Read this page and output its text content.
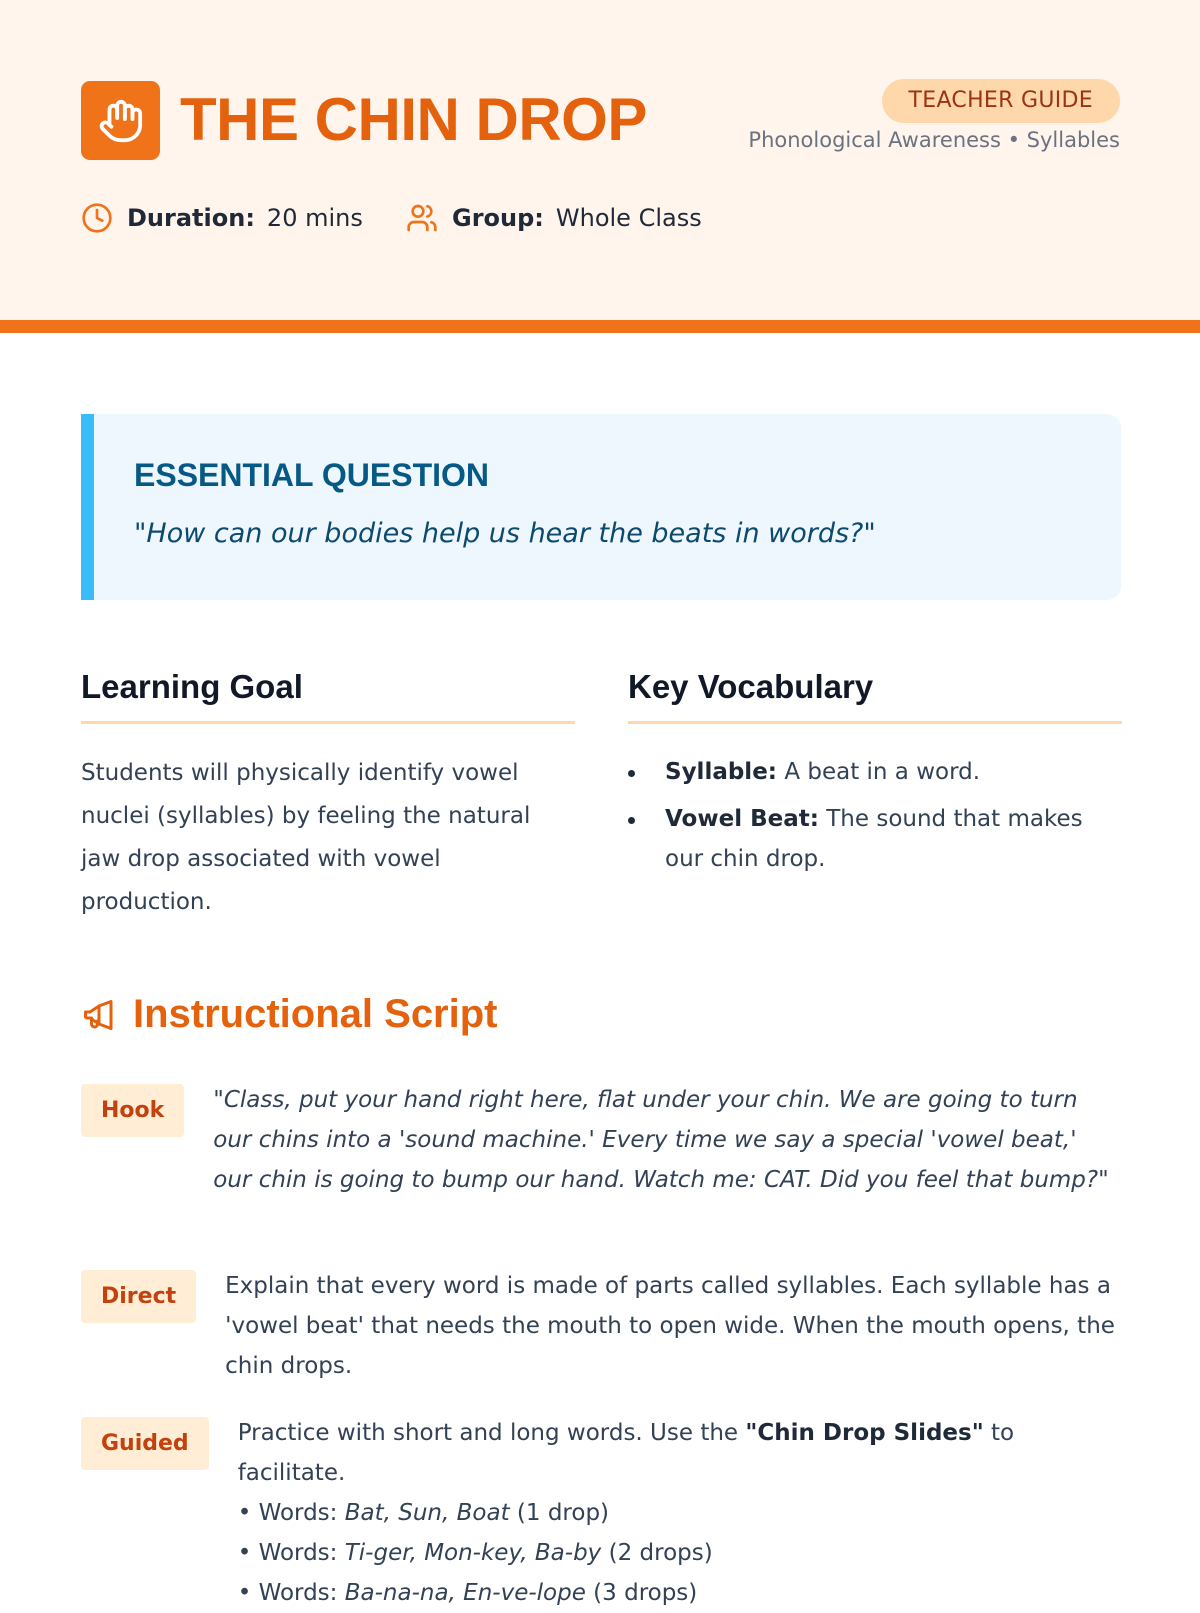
THE CHIN DROP	TEACHER GUIDE
Phonological Awareness • Syllables
Duration: 20 mins	Group: Whole Class
ESSENTIAL QUESTION

"How can our bodies help us hear the beats in words?"

Learning Goal

Students will physically identify vowel nuclei (syllables) by feeling the natural jaw drop associated with vowel production.

Key Vocabulary
Syllable: A beat in a word.
Vowel Beat: The sound that makes our chin drop.
Instructional Script
Hook	"Class, put your hand right here, flat under your chin. We are going to turn our chins into a 'sound machine.' Every time we say a special 'vowel beat,' our chin is going to bump our hand. Watch me: CAT. Did you feel that bump?"

Direct	Explain that every word is made of parts called syllables. Each syllable has a 'vowel beat' that needs the mouth to open wide. When the mouth opens, the chin drops.

Guided	Practice with short and long words. Use the "Chin Drop Slides" to facilitate.
• Words: Bat, Sun, Boat (1 drop)
• Words: Ti-ger, Mon-key, Ba-by (2 drops)
• Words: Ba-na-na, En-ve-lope (3 drops)
